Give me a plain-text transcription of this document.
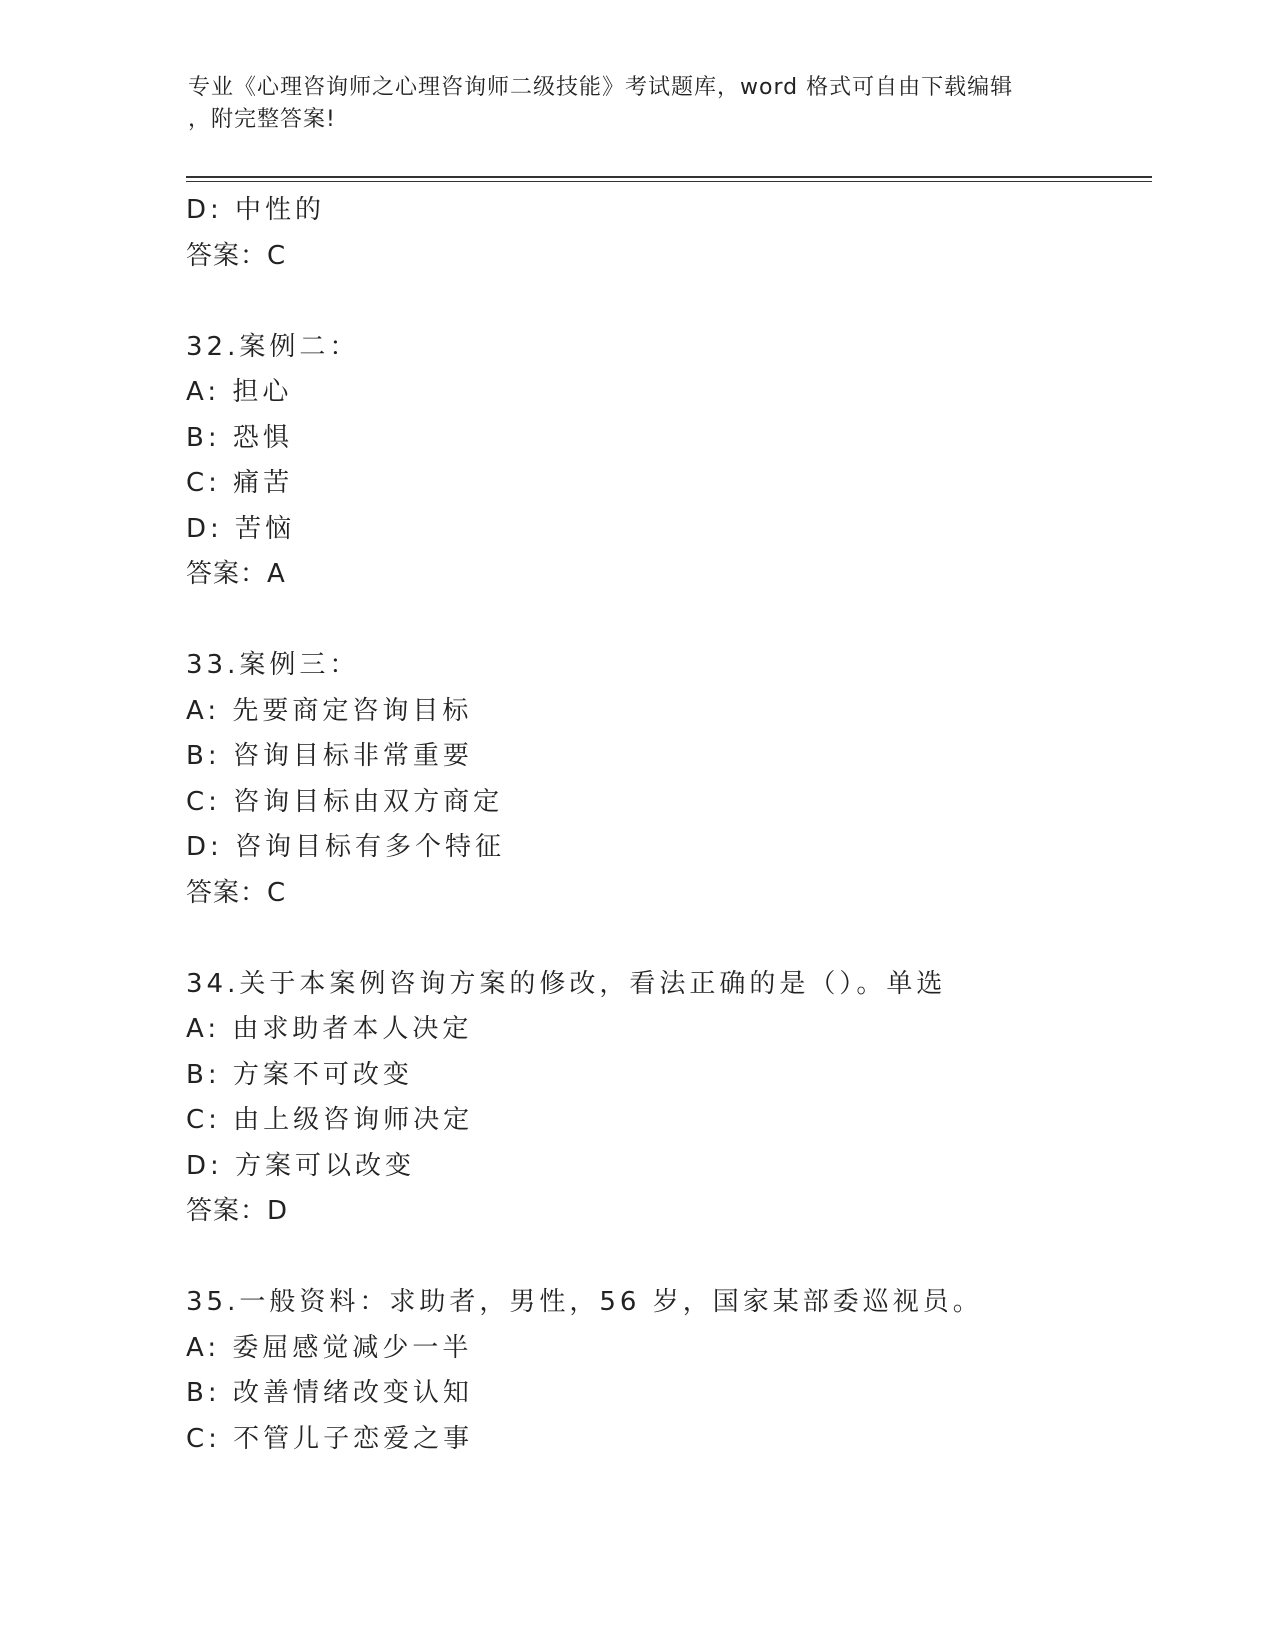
专业《心理咨询师之心理咨询师二级技能》考试题库，word 格式可自由下载编辑
，附完整答案!
D: 中性的
答案：C
32.案例二：
A: 担心
B: 恐惧
C: 痛苦
D: 苦恼
答案：A
33.案例三：
A: 先要商定咨询目标
B: 咨询目标非常重要
C: 咨询目标由双方商定
D: 咨询目标有多个特征
答案：C
34.关于本案例咨询方案的修改，看法正确的是（）。单选
A: 由求助者本人决定
B: 方案不可改变
C: 由上级咨询师决定
D: 方案可以改变
答案：D
35.一般资料：求助者，男性，56 岁，国家某部委巡视员。
A: 委屈感觉减少一半
B: 改善情绪改变认知
C: 不管儿子恋爱之事
